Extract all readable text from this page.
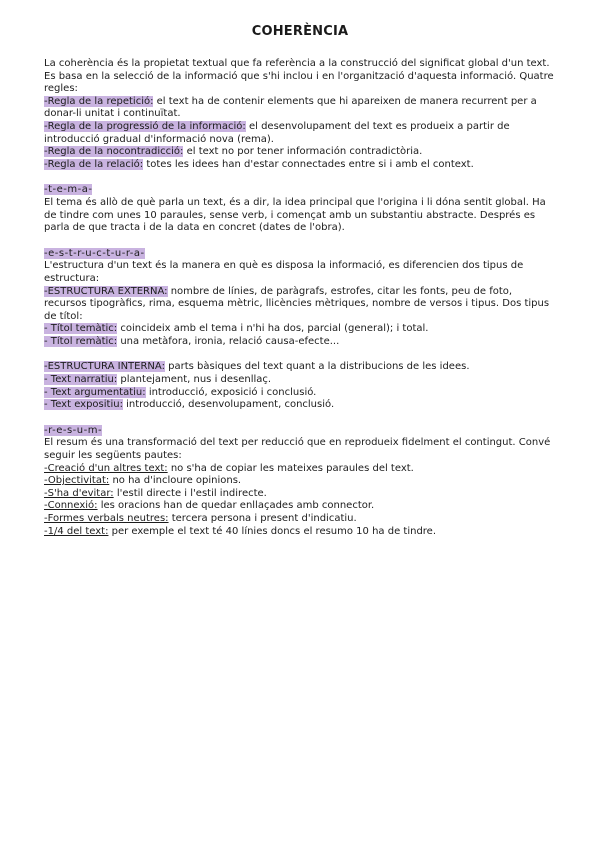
COHERÈNCIA

La coherència és la propietat textual que fa referència a la construcció del significat global d'un text. Es basa en la selecció de la informació que s'hi inclou i en l'organització d'aquesta informació. Quatre regles:

-Regla de la repetició: el text ha de contenir elements que hi apareixen de manera recurrent per a donar-li unitat i continuïtat.

-Regla de la progressió de la informació: el desenvolupament del text es produeix a partir de introducció gradual d'informació nova (rema).

-Regla de la nocontradicció: el text no por tener información contradictòria.

-Regla de la relació: totes les idees han d'estar connectades entre si i amb el context.

-t-e-m-a-

El tema és allò de què parla un text, és a dir, la idea principal que l'origina i li dóna sentit global. Ha de tindre com unes 10 paraules, sense verb, i començat amb un substantiu abstracte. Després es parla de que tracta i de la data en concret (dates de l'obra).

-e-s-t-r-u-c-t-u-r-a-

L'estructura d'un text és la manera en què es disposa la informació, es diferencien dos tipus de estructura:

-ESTRUCTURA EXTERNA: nombre de línies, de paràgrafs, estrofes, citar les fonts, peu de foto, recursos tipogràfics, rima, esquema mètric, llicències mètriques, nombre de versos i tipus. Dos tipus de títol:

- Títol temàtic: coincideix amb el tema i n'hi ha dos, parcial (general); i total.

- Títol remàtic: una metàfora, ironia, relació causa-efecte...

-ESTRUCTURA INTERNA: parts bàsiques del text quant a la distribucions de les idees.

- Text narratiu: plantejament, nus i desenllaç.

- Text argumentatiu: introducció, exposició i conclusió.

- Text expositiu: introducció, desenvolupament, conclusió.

-r-e-s-u-m-

El resum és una transformació del text per reducció que en reprodueix fidelment el contingut. Convé seguir les següents pautes:

-Creació d'un altres text: no s'ha de copiar les mateixes paraules del text.

-Objectivitat: no ha d'incloure opinions.

-S'ha d'evitar: l'estil directe i l'estil indirecte.

-Connexió: les oracions han de quedar enllaçades amb connector.

-Formes verbals neutres: tercera persona i present d'indicatiu.

-1/4 del text: per exemple el text té 40 línies doncs el resumo 10 ha de tindre.
